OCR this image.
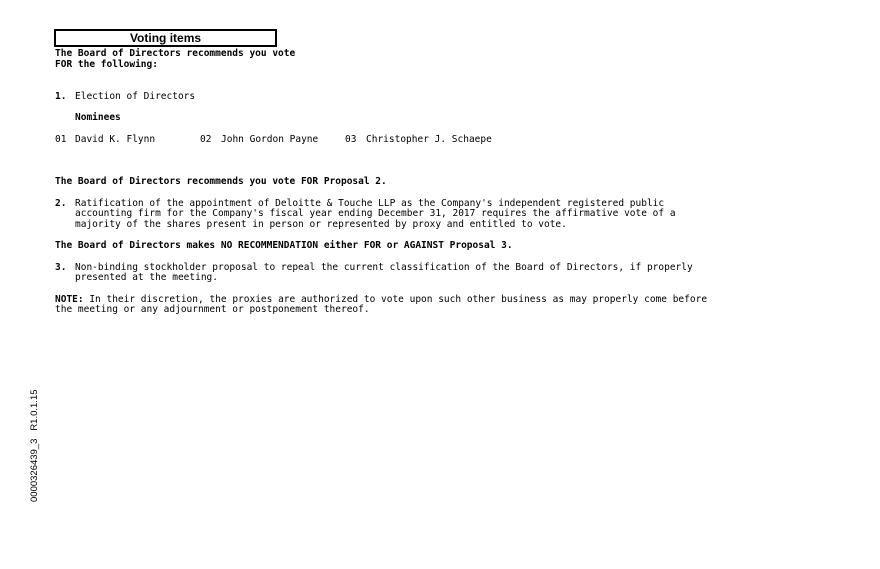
Voting items
The Board of Directors recommends you vote
FOR the following:
1. Election of Directors
Nominees
01 David K. Flynn	02 John Gordon Payne	03 Christopher J. Schaepe
The Board of Directors recommends you vote FOR Proposal 2.
2. Ratification of the appointment of Deloitte & Touche LLP as the Company's independent registered public
accounting firm for the Company's fiscal year ending December 31, 2017 requires the affirmative vote of a
majority of the shares present in person or represented by proxy and entitled to vote.
The Board of Directors makes NO RECOMMENDATION either FOR or AGAINST Proposal 3.
3. Non-binding stockholder proposal to repeal the current classification of the Board of Directors, if properly
presented at the meeting.
NOTE: In their discretion, the proxies are authorized to vote upon such other business as may properly come before
the meeting or any adjournment or postponement thereof.
0000326439_3   R1.0.1.15
